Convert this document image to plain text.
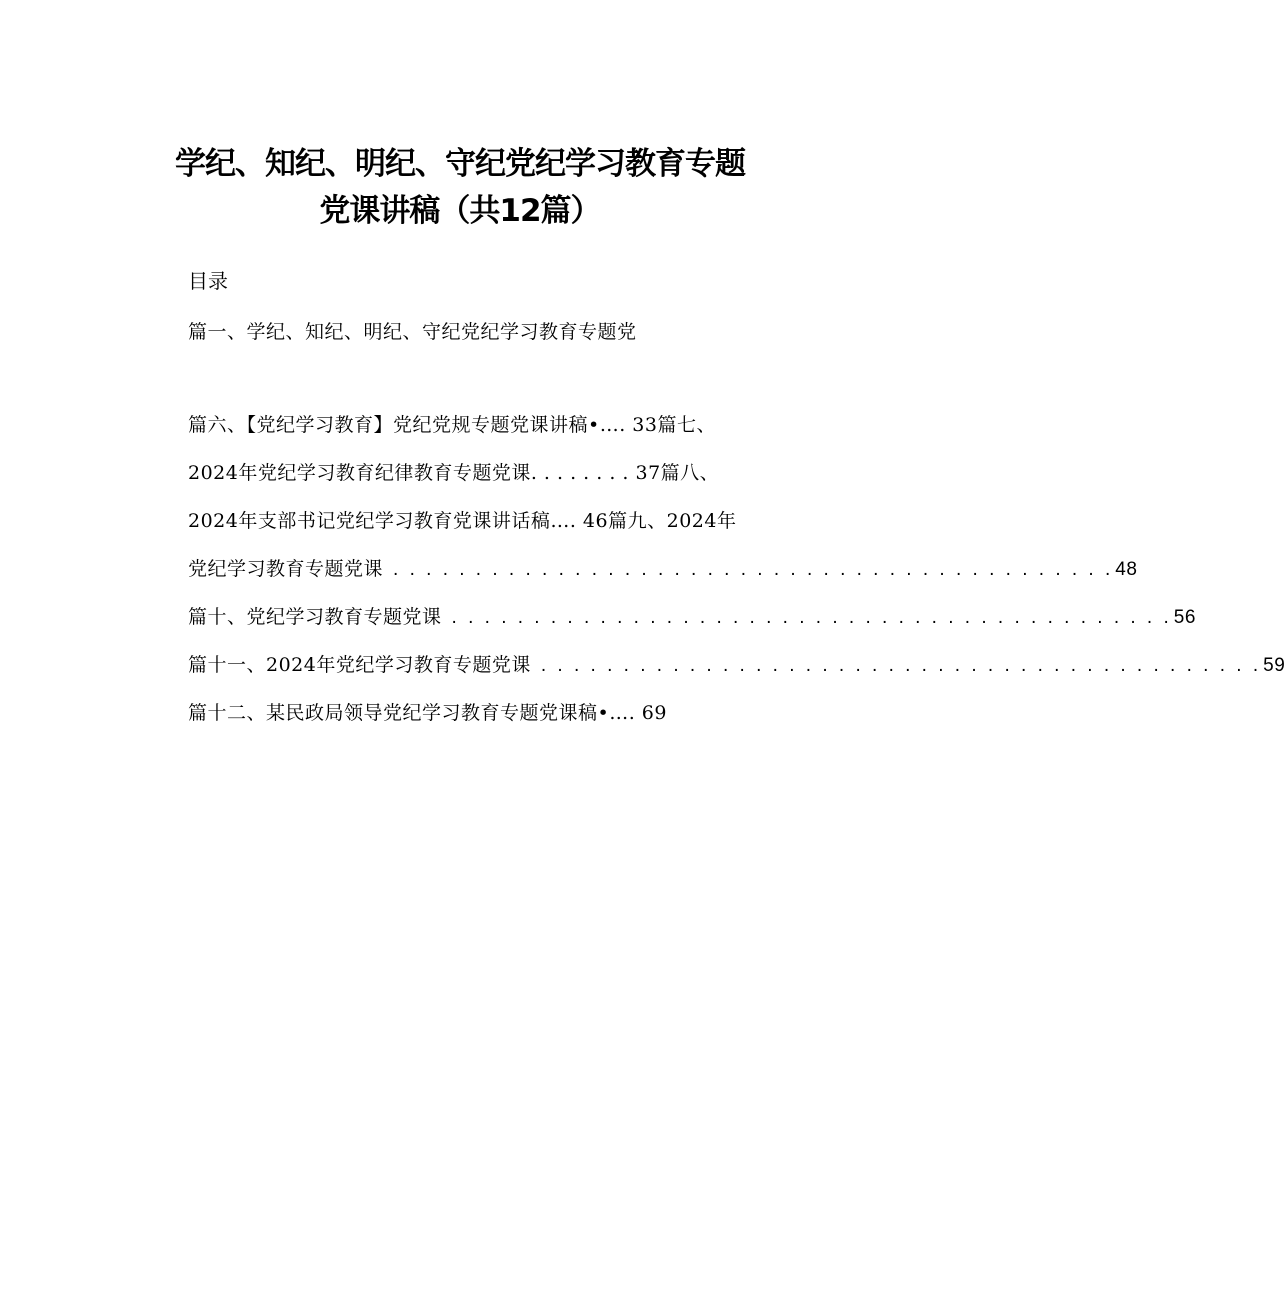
学纪、知纪、明纪、守纪党纪学习教育专题
党课讲稿（共12篇）
目录
篇一、学纪、知纪、明纪、守纪党纪学习教育专题党
篇六、【党纪学习教育】党纪党规专题党课讲稿•…. 33篇七、
2024年党纪学习教育纪律教育专题党课. . . . . . . . 37篇八、
2024年支部书记党纪学习教育党课讲话稿…. 46篇九、2024年
党纪学习教育专题党课 . . . . . . . . . . . . . . . . . . . . . . . . . . . . . . . . . . . . . . . . . . . . 48
篇十、党纪学习教育专题党课 . . . . . . . . . . . . . . . . . . . . . . . . . . . . . . . . . . . . . . . . . . . . 56
篇十一、2024年党纪学习教育专题党课 . . . . . . . . . . . . . . . . . . . . . . . . . . . . . . . . . . . . . . . . . . . . 59
篇十二、某民政局领导党纪学习教育专题党课稿•…. 69
